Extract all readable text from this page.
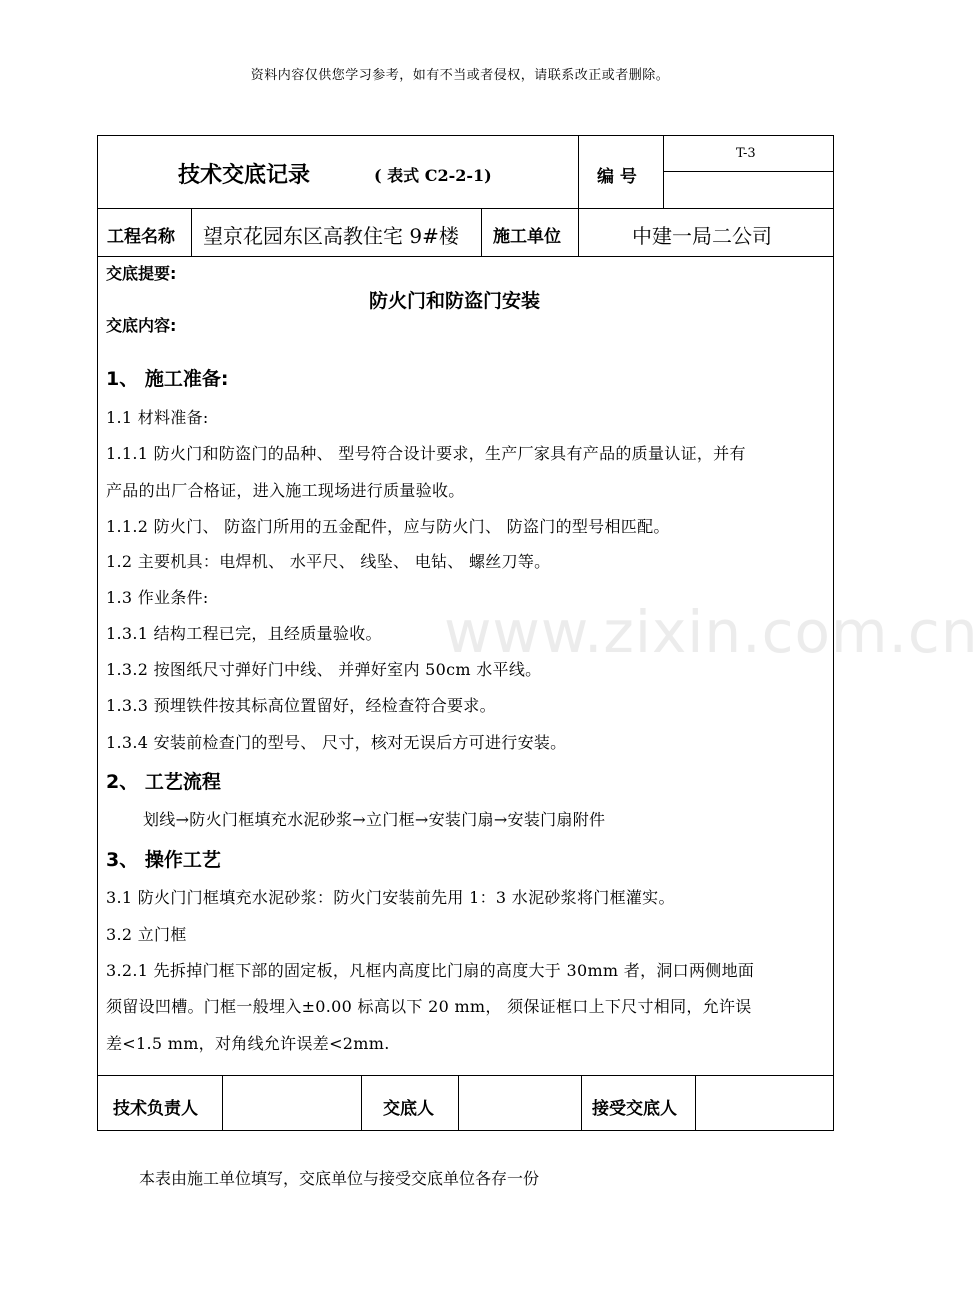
资料内容仅供您学习参考，如有不当或者侵权，请联系改正或者删除。
www.zixin.com.cn
技术交底记录	( 表式 C2-2-1)	编 号
T-3
工程名称 望京花园东区高教住宅 9#楼 施工单位	中建一局二公司
交底提要:
防火门和防盗门安装
交底内容:
1、 施工准备:
1.1 材料准备:
1.1.1 防火门和防盗门的品种、 型号符合设计要求，生产厂家具有产品的质量认证，并有
产品的出厂合格证，进入施工现场进行质量验收。
1.1.2 防火门、 防盗门所用的五金配件，应与防火门、 防盗门的型号相匹配。
1.2 主要机具：电焊机、 水平尺、 线坠、 电钻、 螺丝刀等。
1.3 作业条件:
1.3.1 结构工程已完，且经质量验收。
1.3.2 按图纸尺寸弹好门中线、 并弹好室内 50cm 水平线。
1.3.3 预埋铁件按其标高位置留好，经检查符合要求。
1.3.4 安装前检查门的型号、 尺寸，核对无误后方可进行安装。
2、 工艺流程
划线→防火门框填充水泥砂浆→立门框→安装门扇→安装门扇附件
3、 操作工艺
3.1 防火门门框填充水泥砂浆：防火门安装前先用 1：3 水泥砂浆将门框灌实。
3.2 立门框
3.2.1 先拆掉门框下部的固定板，凡框内高度比门扇的高度大于 30mm 者，洞口两侧地面
须留设凹槽。门框一般埋入±0.00 标高以下 20 mm， 须保证框口上下尺寸相同，允许误
差<1.5 mm，对角线允许误差<2mm.
技术负责人	交底人	接受交底人
本表由施工单位填写，交底单位与接受交底单位各存一份
